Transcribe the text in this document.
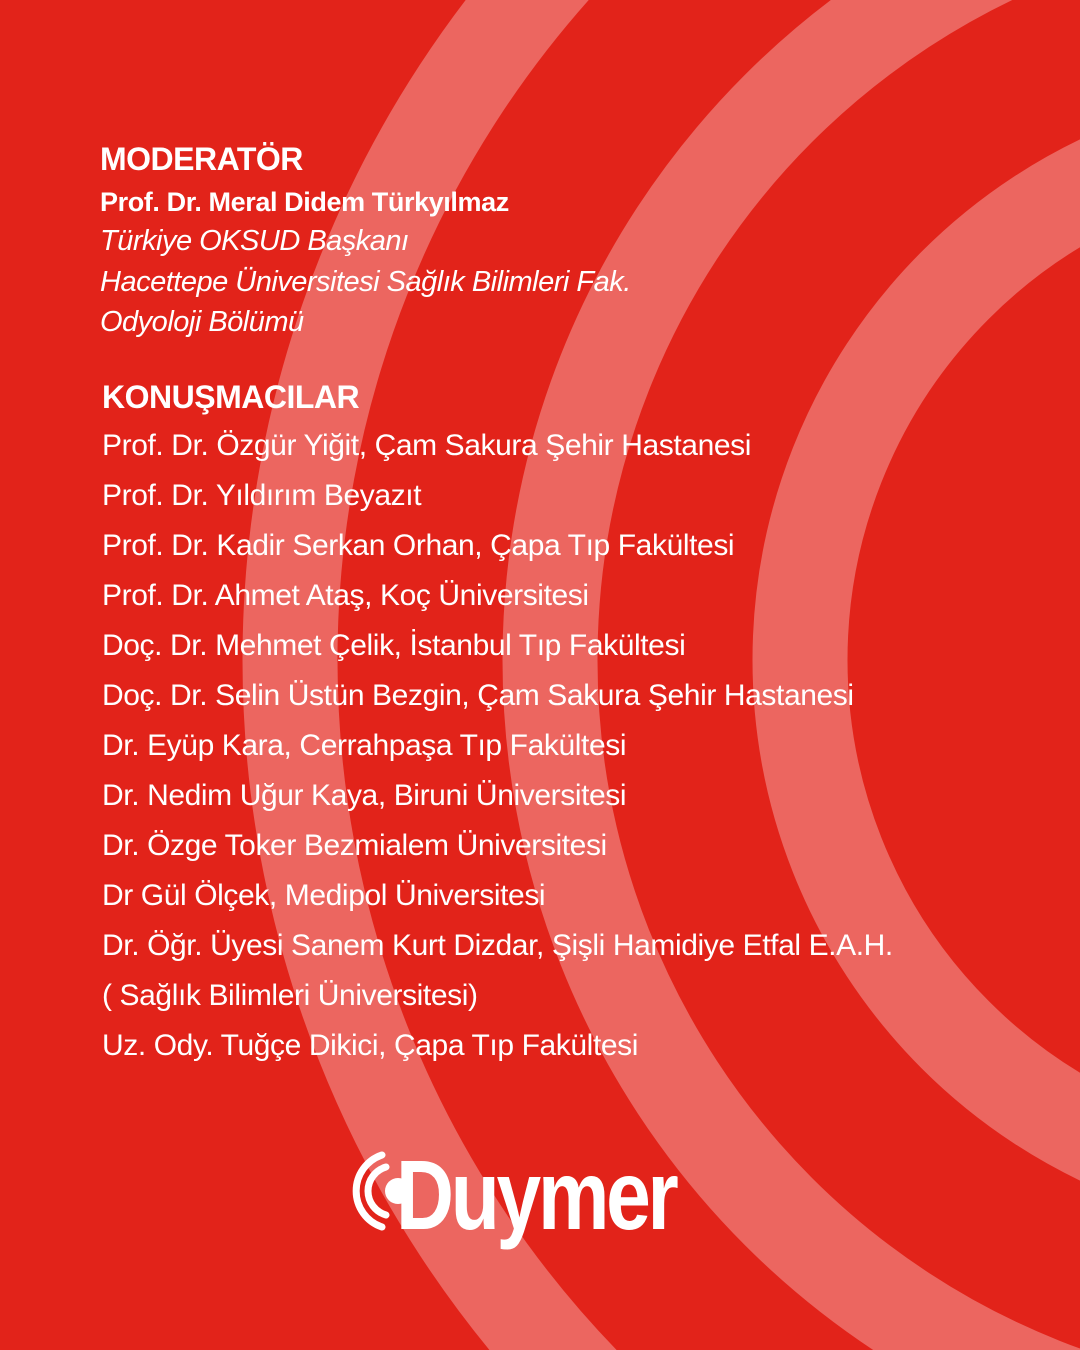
MODERATÖR

Prof. Dr. Meral Didem Türkyılmaz

Türkiye OKSUD Başkanı

Hacettepe Üniversitesi Sağlık Bilimleri Fak.

Odyoloji Bölümü

KONUŞMACILAR
Prof. Dr. Özgür Yiğit, Çam Sakura Şehir Hastanesi
Prof. Dr. Yıldırım Beyazıt
Prof. Dr. Kadir Serkan Orhan, Çapa Tıp Fakültesi
Prof. Dr. Ahmet Ataş, Koç Üniversitesi
Doç. Dr. Mehmet Çelik, İstanbul Tıp Fakültesi
Doç. Dr. Selin Üstün Bezgin, Çam Sakura Şehir Hastanesi
Dr. Eyüp Kara, Cerrahpaşa Tıp Fakültesi
Dr. Nedim Uğur Kaya, Biruni Üniversitesi
Dr. Özge Toker Bezmialem Üniversitesi
Dr Gül Ölçek, Medipol Üniversitesi
Dr. Öğr. Üyesi Sanem Kurt Dizdar, Şişli Hamidiye Etfal E.A.H.
( Sağlık Bilimleri Üniversitesi)
Uz. Ody. Tuğçe Dikici, Çapa Tıp Fakültesi
Duymer
